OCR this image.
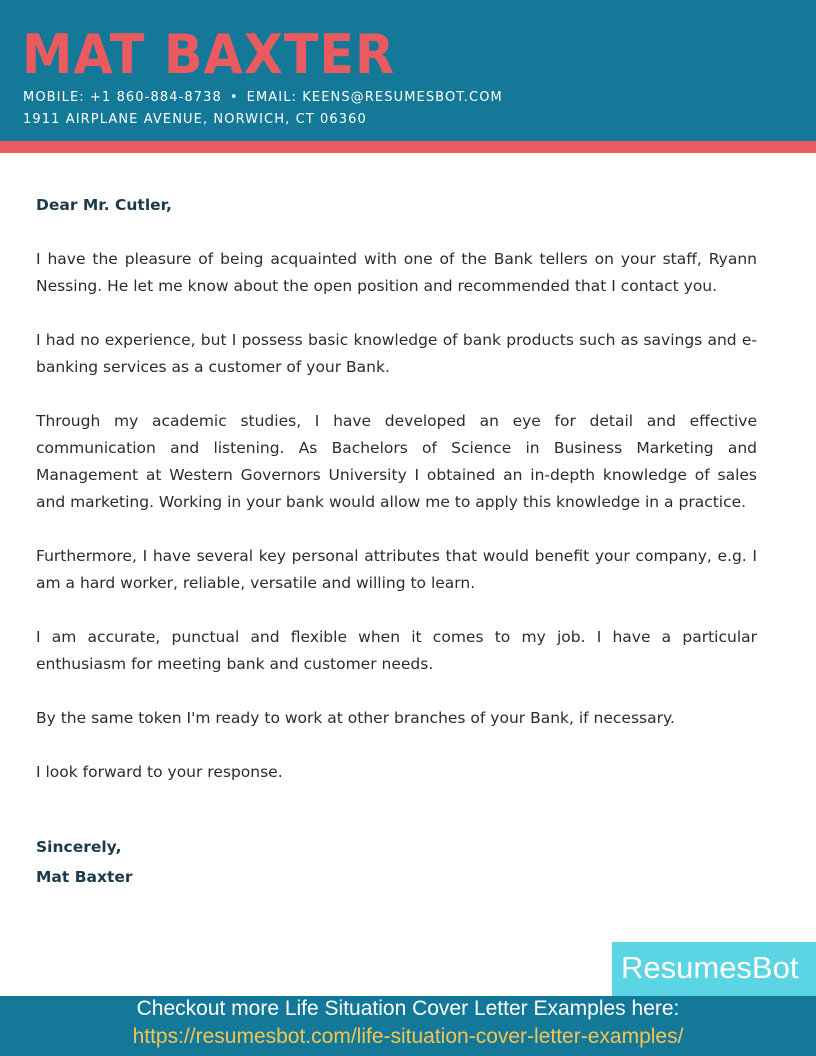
MAT BAXTER
MOBILE: +1 860-884-8738 • EMAIL: KEENS@RESUMESBOT.COM
1911 AIRPLANE AVENUE, NORWICH, CT 06360

Dear Mr. Cutler,

I have the pleasure of being acquainted with one of the Bank tellers on your staff, Ryann Nessing. He let me know about the open position and recommended that I contact you.

I had no experience, but I possess basic knowledge of bank products such as savings and e-banking services as a customer of your Bank.

Through my academic studies, I have developed an eye for detail and effective communication and listening. As Bachelors of Science in Business Marketing and Management at Western Governors University I obtained an in-depth knowledge of sales and marketing. Working in your bank would allow me to apply this knowledge in a practice.

Furthermore, I have several key personal attributes that would benefit your company, e.g. I am a hard worker, reliable, versatile and willing to learn.

I am accurate, punctual and flexible when it comes to my job. I have a particular enthusiasm for meeting bank and customer needs.

By the same token I'm ready to work at other branches of your Bank, if necessary.

I look forward to your response.

Sincerely,
Mat Baxter
ResumesBot
Checkout more Life Situation Cover Letter Examples here:
https://resumesbot.com/life-situation-cover-letter-examples/
